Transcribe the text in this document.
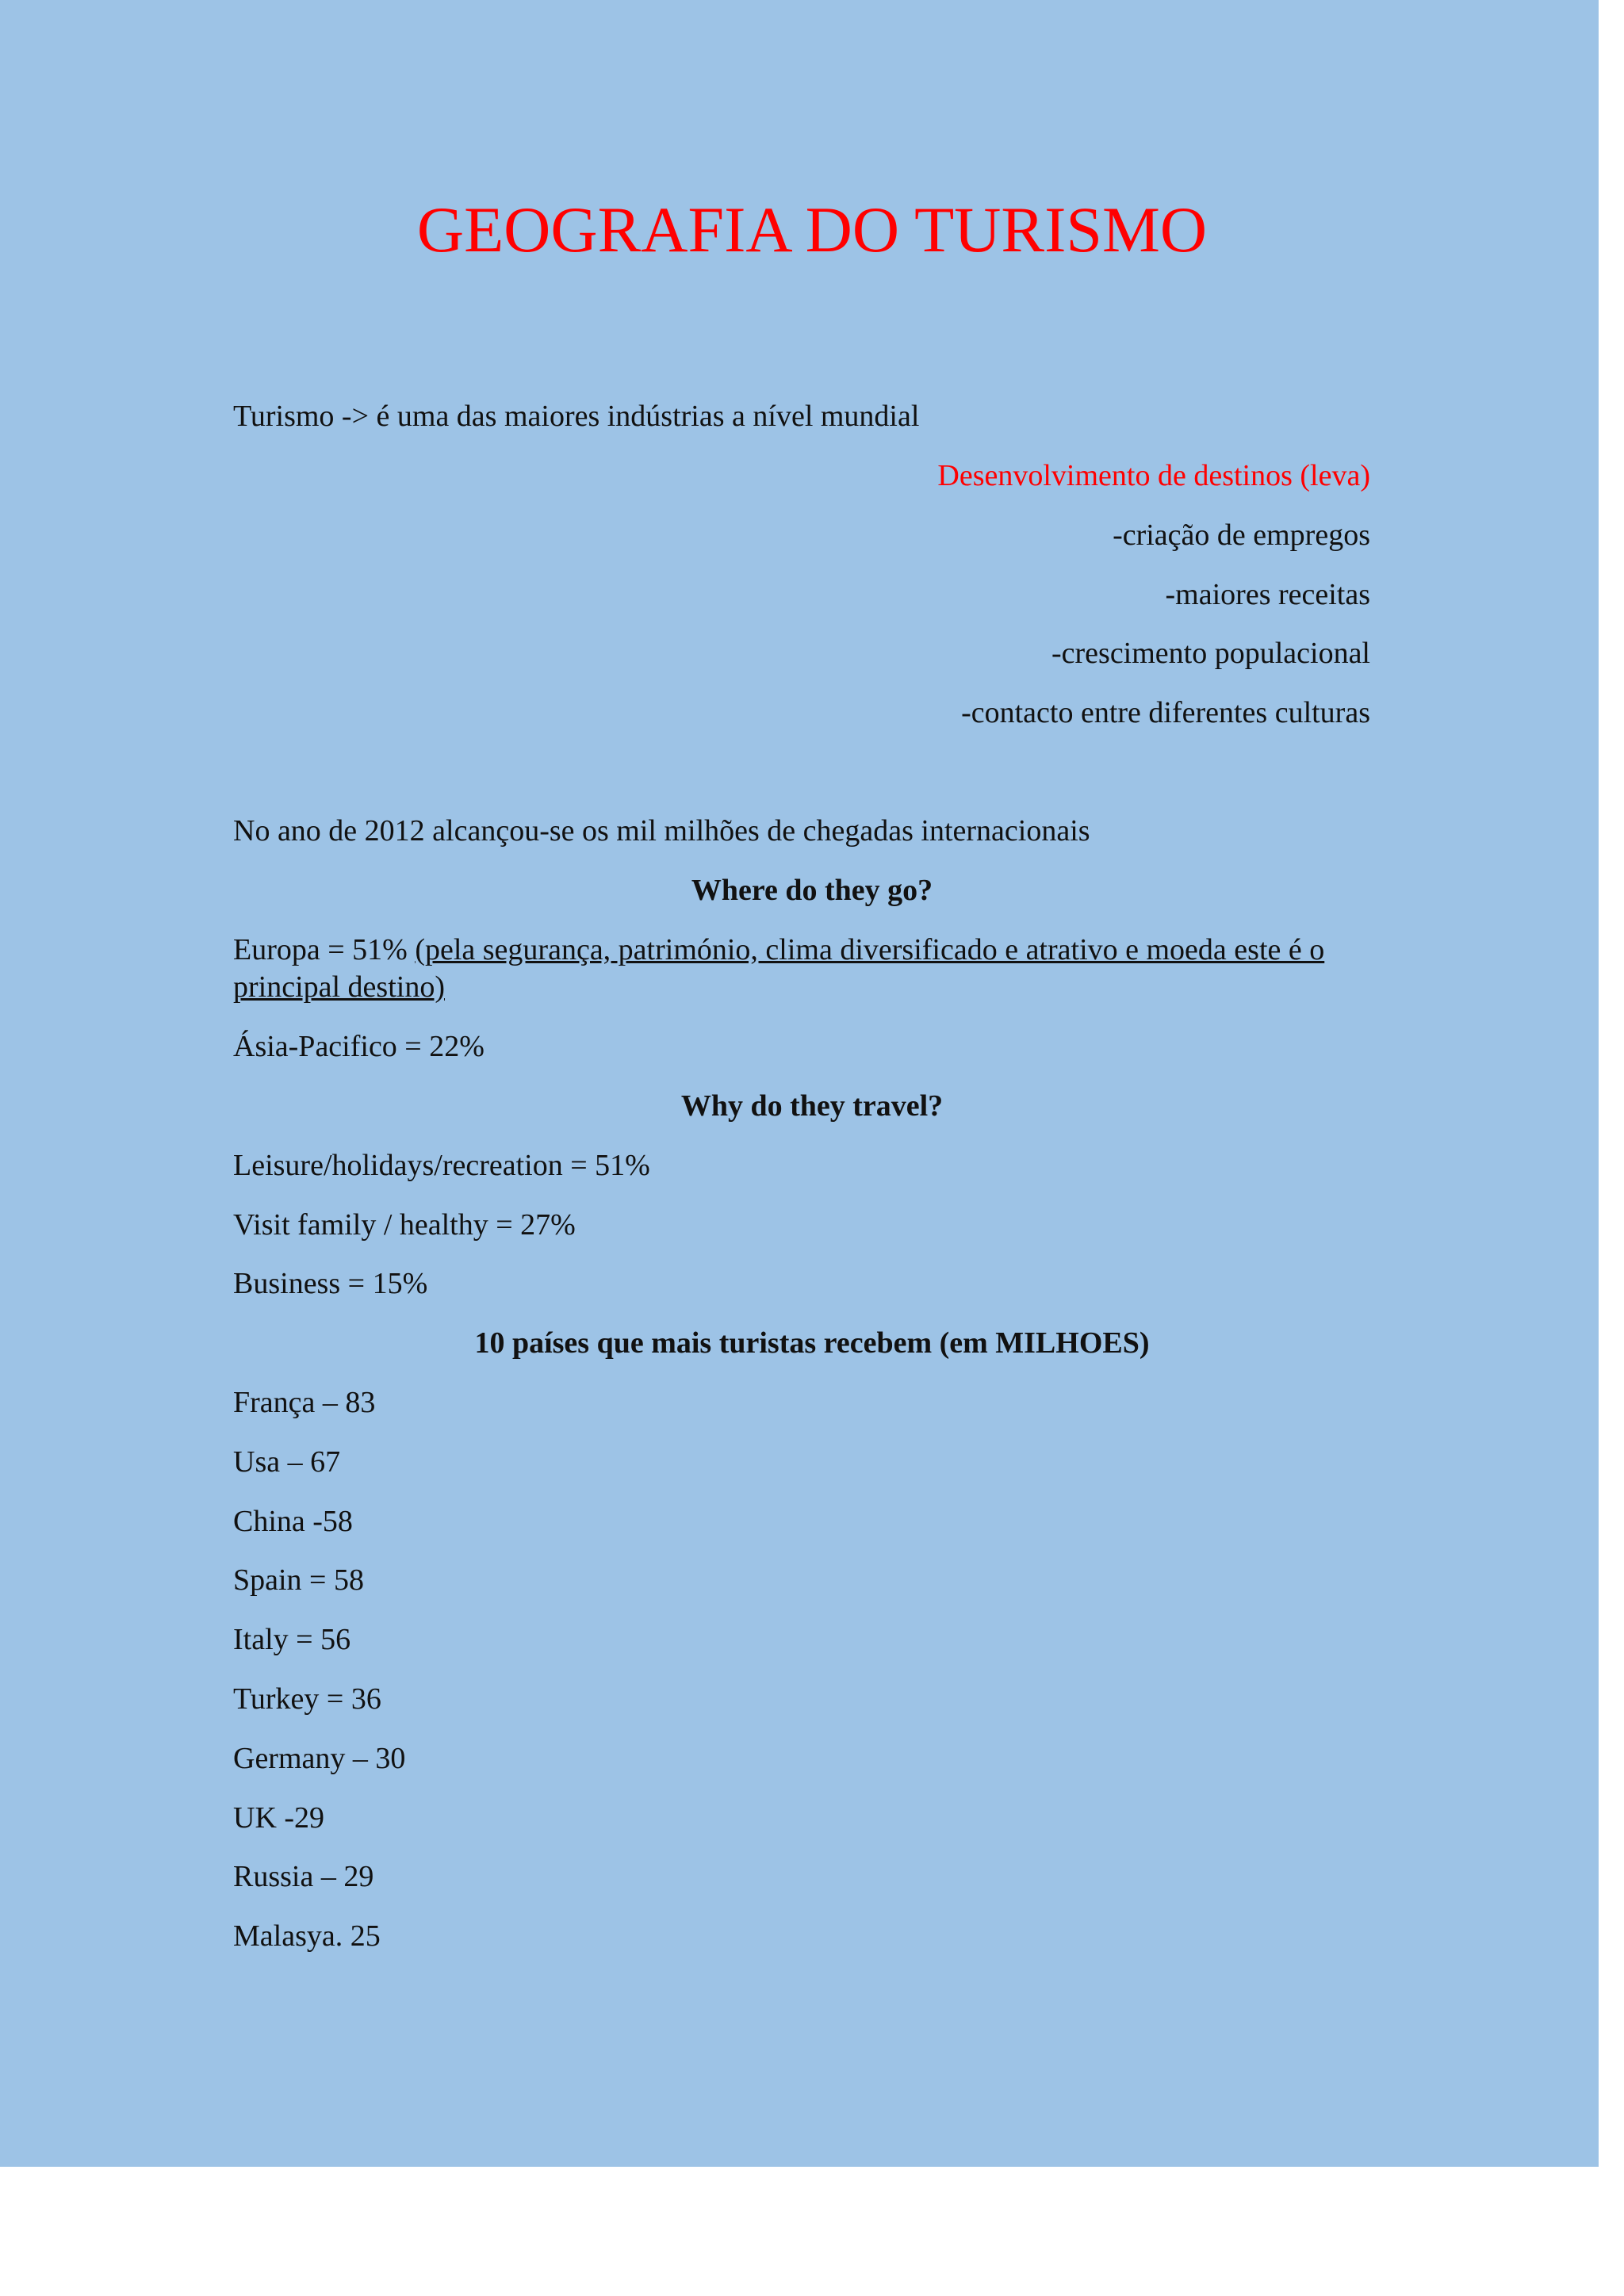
GEOGRAFIA DO TURISMO
Turismo -> é uma das maiores indústrias a nível mundial
Desenvolvimento de destinos (leva)
-criação de empregos
-maiores receitas
-crescimento populacional
-contacto entre diferentes culturas
No ano de 2012 alcançou-se os mil milhões de chegadas internacionais
Where do they go?
Europa = 51% (pela segurança, património, clima diversificado e atrativo e moeda este é o
principal destino)
Ásia-Pacifico = 22%
Why do they travel?
Leisure/holidays/recreation = 51%
Visit family / healthy = 27%
Business = 15%
10 países que mais turistas recebem (em MILHOES)
França – 83
Usa – 67
China -58
Spain = 58
Italy = 56
Turkey = 36
Germany – 30
UK -29
Russia – 29
Malasya. 25
